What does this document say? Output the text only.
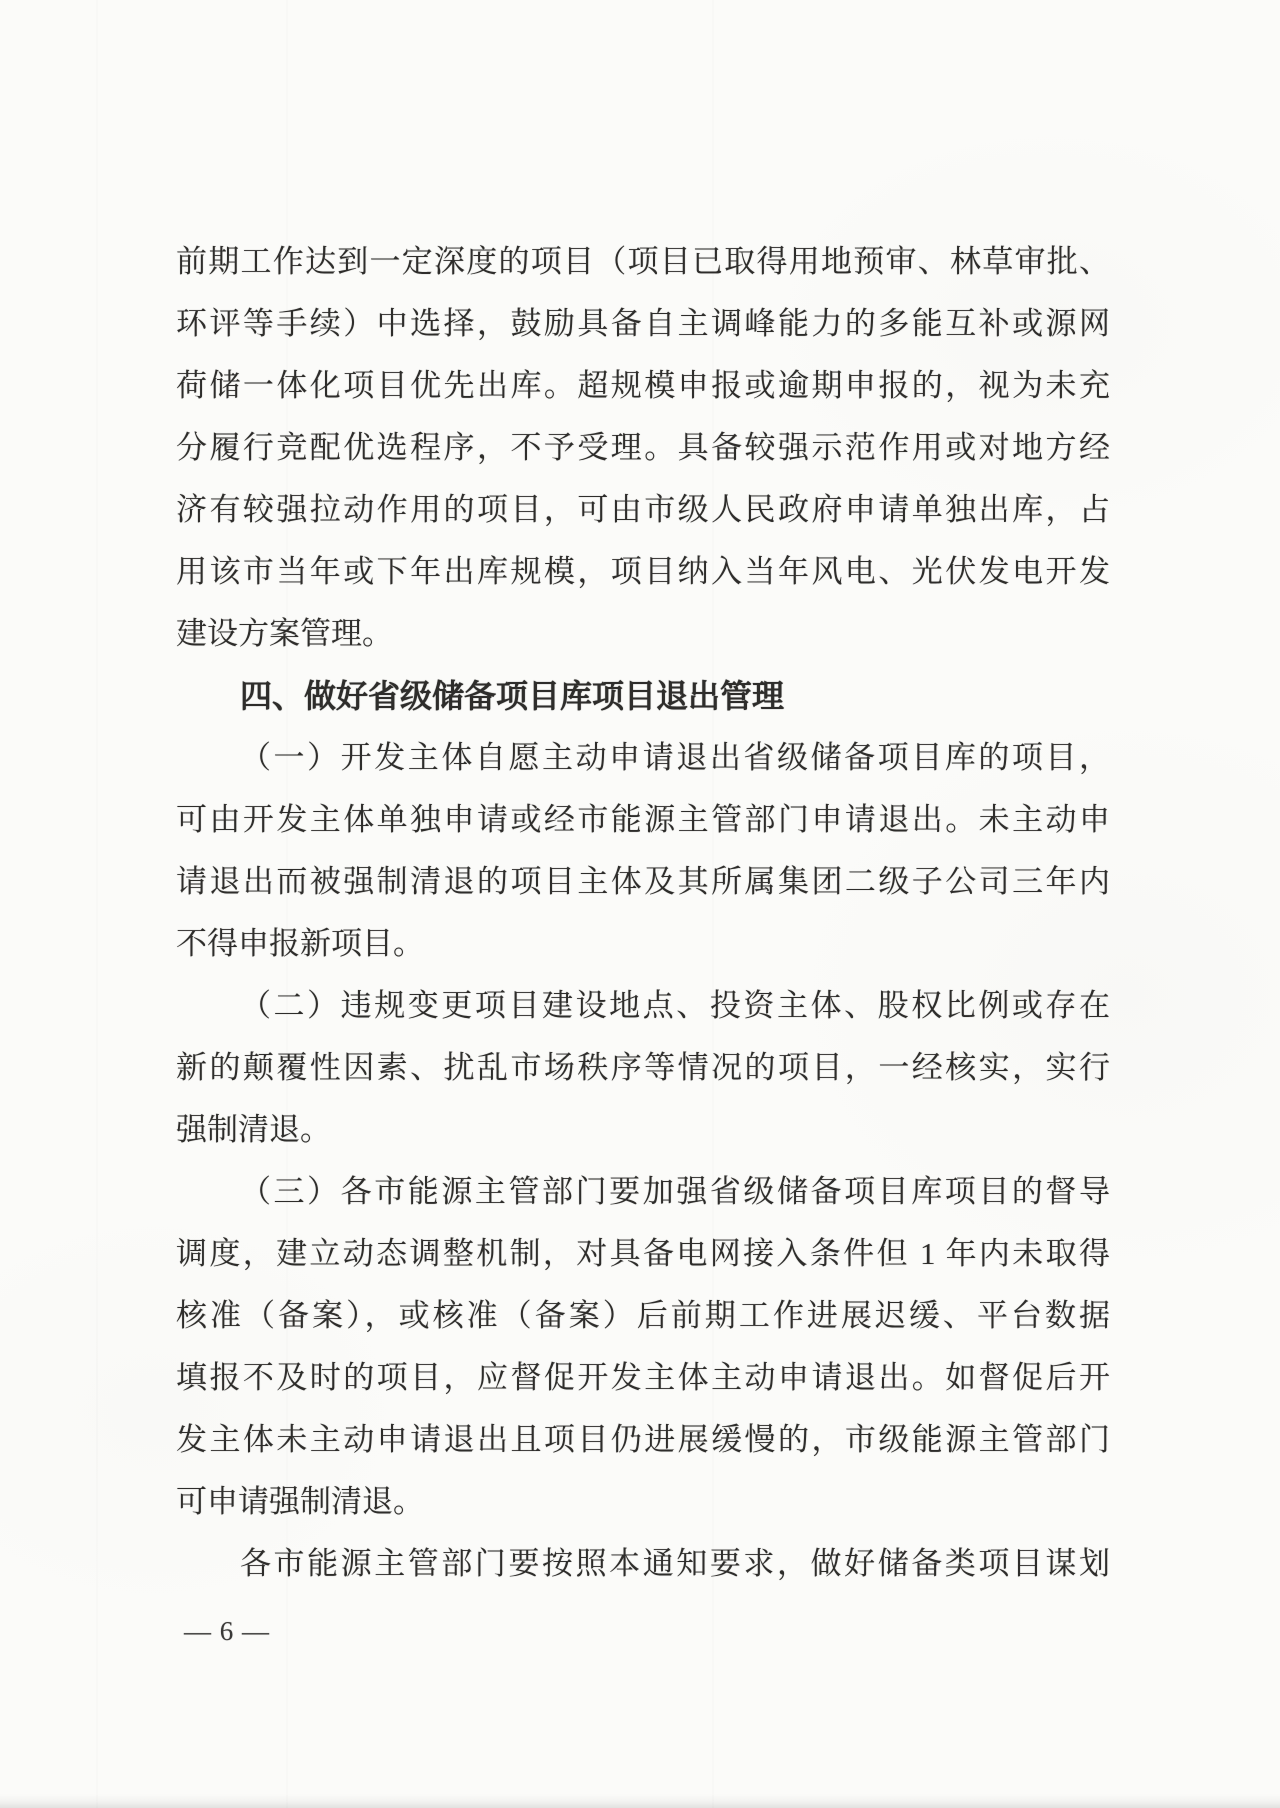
前期工作达到一定深度的项目（项目已取得用地预审、林草审批、
环评等手续）中选择，鼓励具备自主调峰能力的多能互补或源网
荷储一体化项目优先出库。超规模申报或逾期申报的，视为未充
分履行竞配优选程序，不予受理。具备较强示范作用或对地方经
济有较强拉动作用的项目，可由市级人民政府申请单独出库，占
用该市当年或下年出库规模，项目纳入当年风电、光伏发电开发
建设方案管理。
四、做好省级储备项目库项目退出管理
（一）开发主体自愿主动申请退出省级储备项目库的项目，
可由开发主体单独申请或经市能源主管部门申请退出。未主动申
请退出而被强制清退的项目主体及其所属集团二级子公司三年内
不得申报新项目。
（二）违规变更项目建设地点、投资主体、股权比例或存在
新的颠覆性因素、扰乱市场秩序等情况的项目，一经核实，实行
强制清退。
（三）各市能源主管部门要加强省级储备项目库项目的督导
调度，建立动态调整机制，对具备电网接入条件但 1 年内未取得
核准（备案），或核准（备案）后前期工作进展迟缓、平台数据
填报不及时的项目，应督促开发主体主动申请退出。如督促后开
发主体未主动申请退出且项目仍进展缓慢的，市级能源主管部门
可申请强制清退。
各市能源主管部门要按照本通知要求，做好储备类项目谋划
— 6 —
